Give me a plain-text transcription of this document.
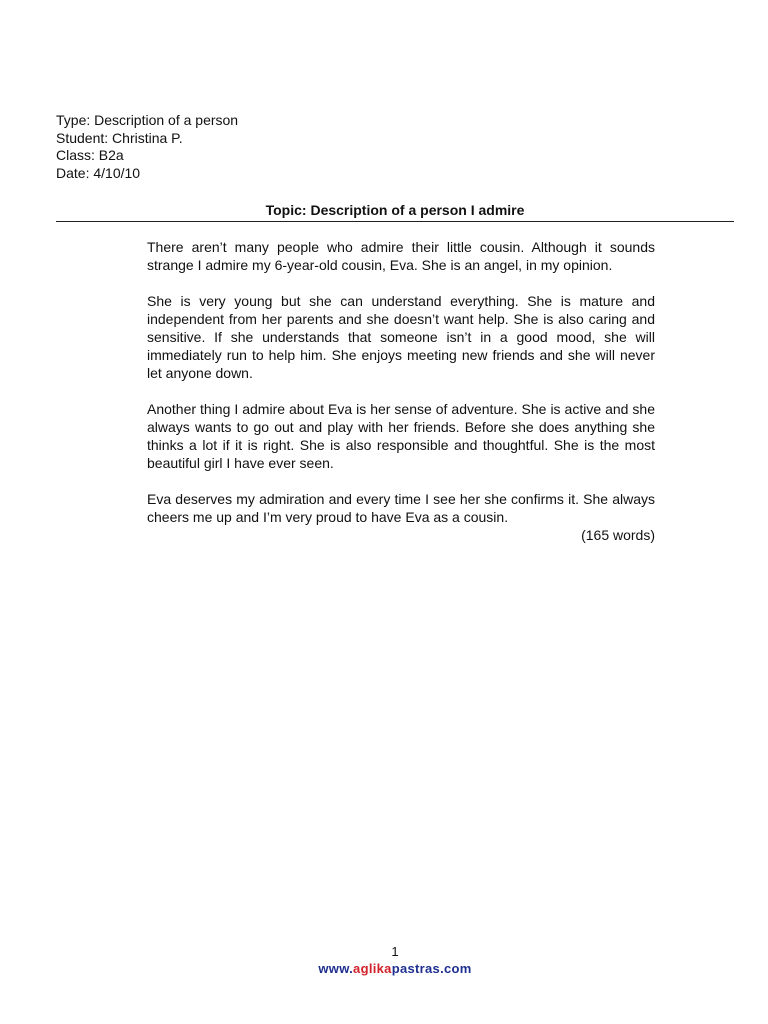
Type: Description of a person
Student: Christina P.
Class: B2a
Date: 4/10/10
Topic: Description of a person I admire

There aren’t many people who admire their little cousin. Although it sounds strange I admire my 6-year-old cousin, Eva. She is an angel, in my opinion.

She is very young but she can understand everything. She is mature and independent from her parents and she doesn’t want help. She is also caring and sensitive. If she understands that someone isn’t in a good mood, she will immediately run to help him. She enjoys meeting new friends and she will never let anyone down.

Another thing I admire about Eva is her sense of adventure. She is active and she always wants to go out and play with her friends. Before she does anything she thinks a lot if it is right. She is also responsible and thoughtful. She is the most beautiful girl I have ever seen.

Eva deserves my admiration and every time I see her she confirms it. She always cheers me up and I’m very proud to have Eva as a cousin.

(165 words)
1
www.aglikapastras.com
